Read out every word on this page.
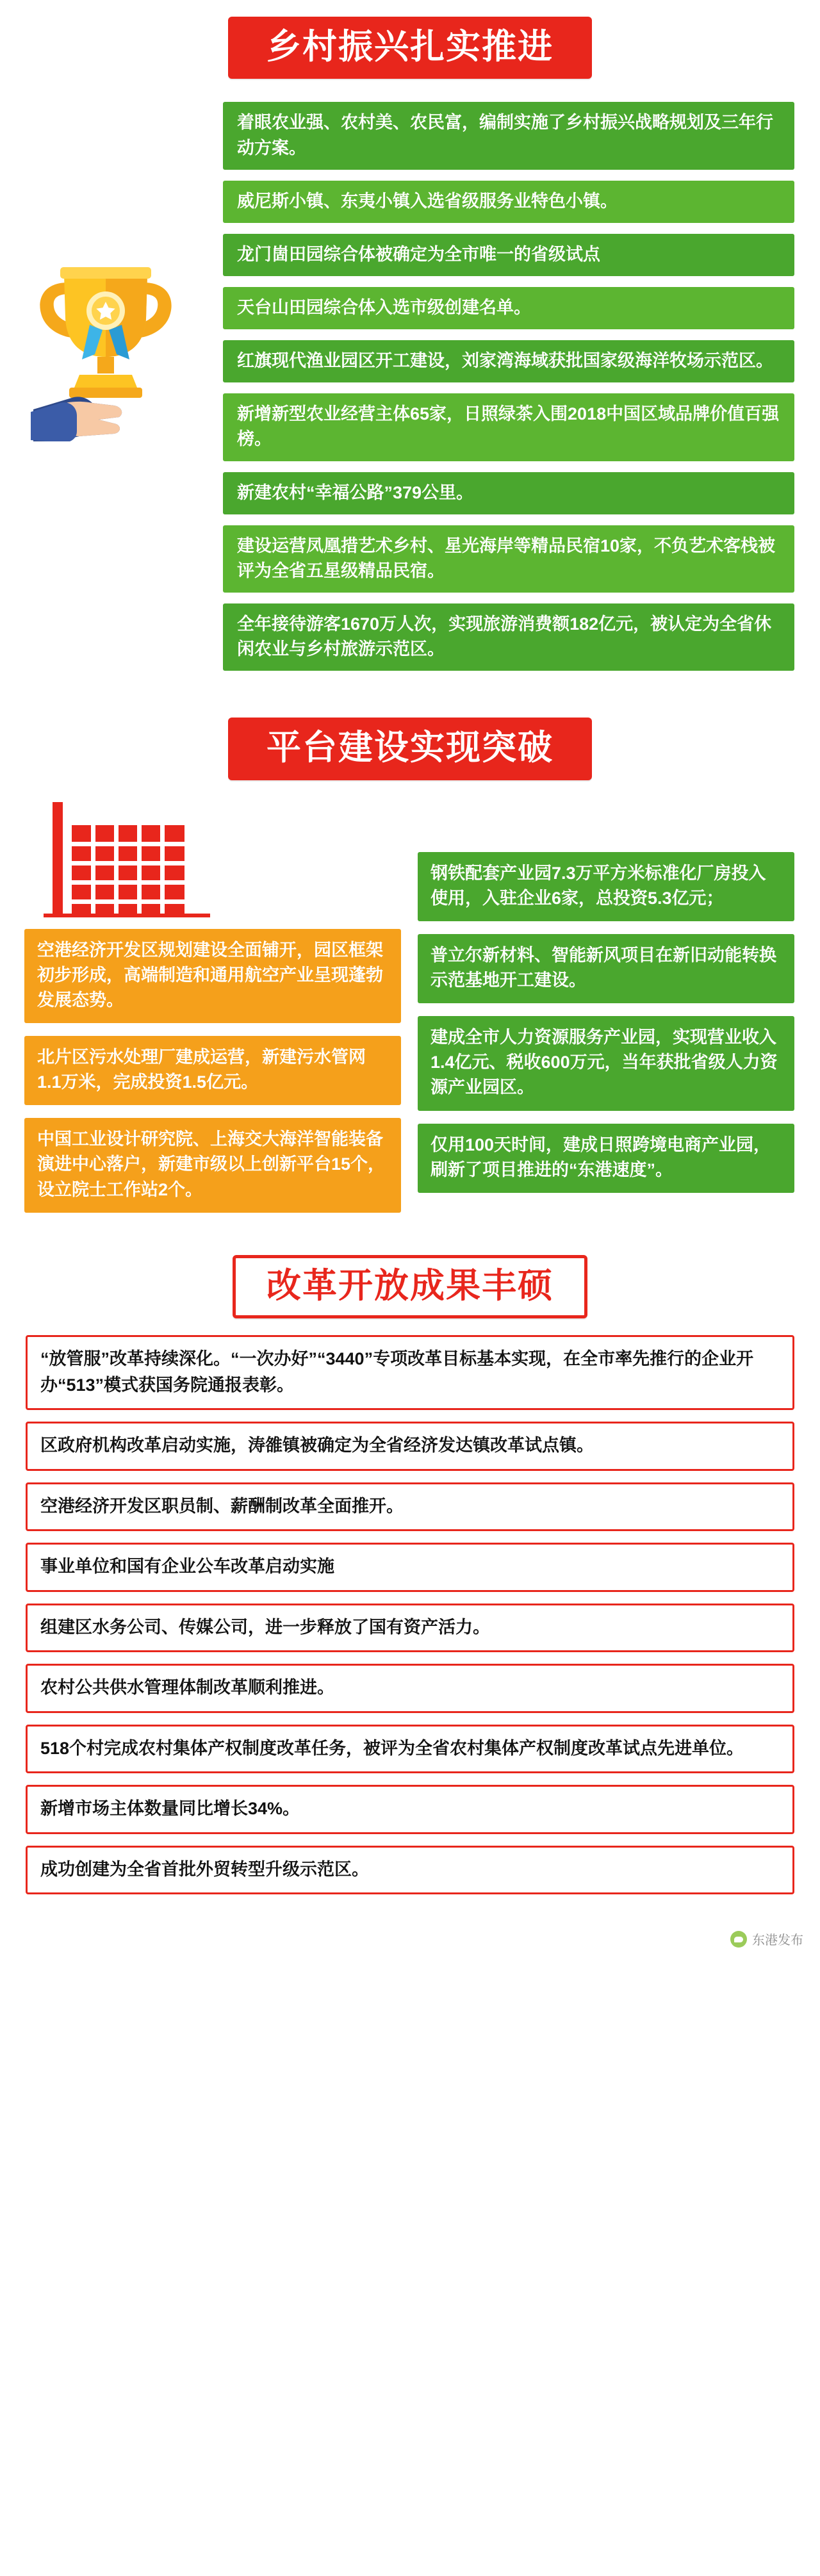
乡村振兴扎实推进
着眼农业强、农村美、农民富，编制实施了乡村振兴战略规划及三年行动方案。
威尼斯小镇、东夷小镇入选省级服务业特色小镇。
龙门崮田园综合体被确定为全市唯一的省级试点
天台山田园综合体入选市级创建名单。
红旗现代渔业园区开工建设，刘家湾海域获批国家级海洋牧场示范区。
新增新型农业经营主体65家，日照绿茶入围2018中国区域品牌价值百强榜。
新建农村“幸福公路”379公里。
建设运营凤凰措艺术乡村、星光海岸等精品民宿10家，不负艺术客栈被评为全省五星级精品民宿。
全年接待游客1670万人次，实现旅游消费额182亿元，被认定为全省休闲农业与乡村旅游示范区。
平台建设实现突破
空港经济开发区规划建设全面铺开，园区框架初步形成，高端制造和通用航空产业呈现蓬勃发展态势。
北片区污水处理厂建成运营，新建污水管网1.1万米，完成投资1.5亿元。
中国工业设计研究院、上海交大海洋智能装备演进中心落户，新建市级以上创新平台15个，设立院士工作站2个。
钢铁配套产业园7.3万平方米标准化厂房投入使用，入驻企业6家，总投资5.3亿元；
普立尔新材料、智能新风项目在新旧动能转换示范基地开工建设。
建成全市人力资源服务产业园，实现营业收入1.4亿元、税收600万元，当年获批省级人力资源产业园区。
仅用100天时间，建成日照跨境电商产业园，刷新了项目推进的“东港速度”。
改革开放成果丰硕
“放管服”改革持续深化。“一次办好”“3440”专项改革目标基本实现，在全市率先推行的企业开办“513”模式获国务院通报表彰。
区政府机构改革启动实施，涛雒镇被确定为全省经济发达镇改革试点镇。
空港经济开发区职员制、薪酬制改革全面推开。
事业单位和国有企业公车改革启动实施
组建区水务公司、传媒公司，进一步释放了国有资产活力。
农村公共供水管理体制改革顺利推进。
518个村完成农村集体产权制度改革任务，被评为全省农村集体产权制度改革试点先进单位。
新增市场主体数量同比增长34%。
成功创建为全省首批外贸转型升级示范区。
东港发布
